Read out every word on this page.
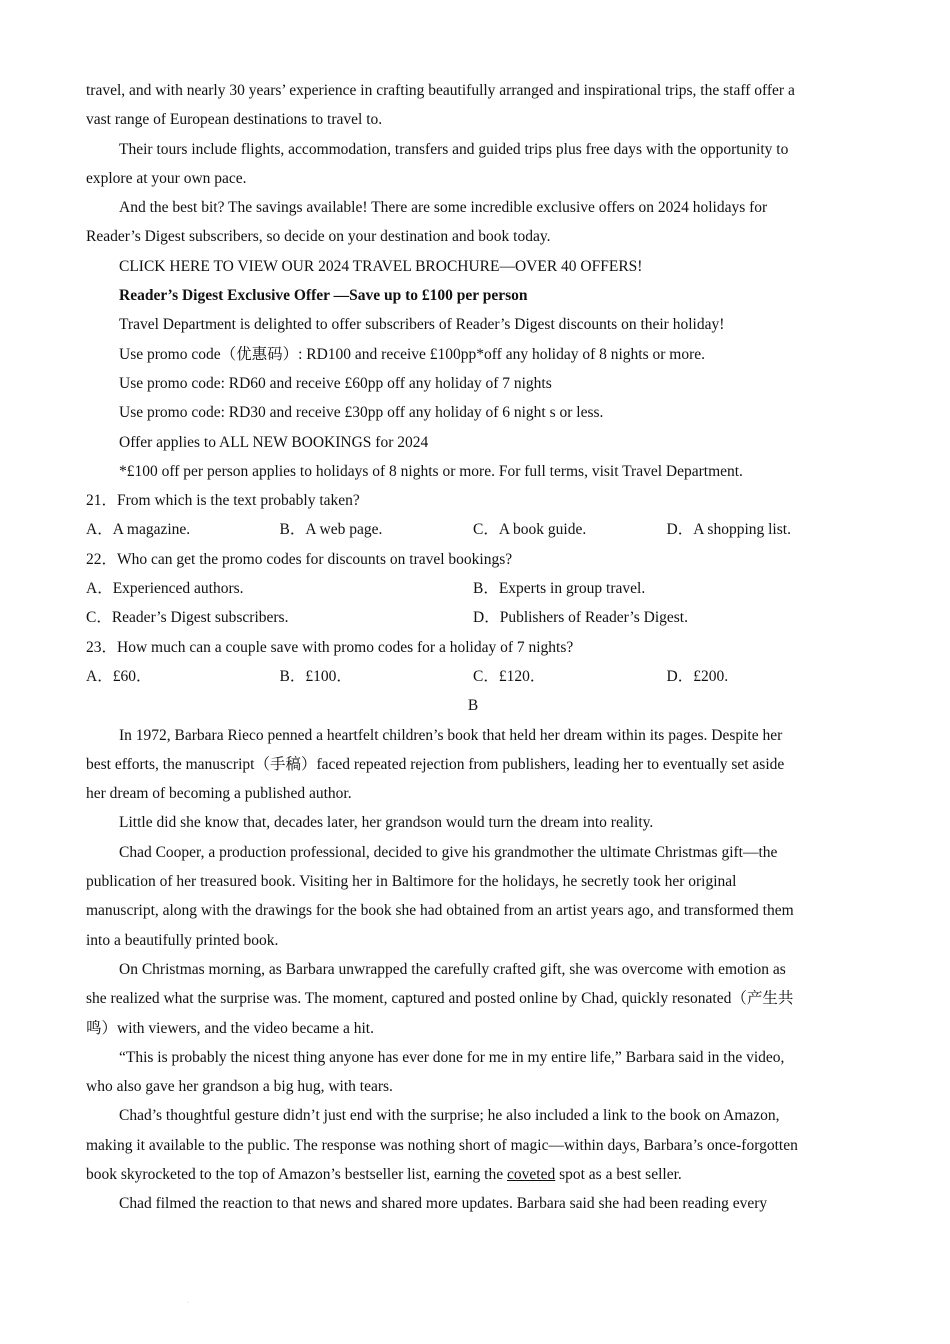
travel, and with nearly 30 years’ experience in crafting beautifully arranged and inspirational trips, the staff offer a
vast range of European destinations to travel to.
Their tours include flights, accommodation, transfers and guided trips plus free days with the opportunity to
explore at your own pace.
And the best bit? The savings available! There are some incredible exclusive offers on 2024 holidays for
Reader’s Digest subscribers, so decide on your destination and book today.
CLICK HERE TO VIEW OUR 2024 TRAVEL BROCHURE—OVER 40 OFFERS!
Reader’s Digest Exclusive Offer —Save up to £100 per person
Travel Department is delighted to offer subscribers of Reader’s Digest discounts on their holiday!
Use promo code（优惠码）: RD100 and receive £100pp*off any holiday of 8 nights or more.
Use promo code: RD60 and receive £60pp off any holiday of 7 nights
Use promo code: RD30 and receive £30pp off any holiday of 6 night s or less.
Offer applies to ALL NEW BOOKINGS for 2024
*£100 off per person applies to holidays of 8 nights or more. For full terms, visit Travel Department.
21．From which is the text probably taken?
A．A magazine.	B．A web page.	C．A book guide.	D．A shopping list.
22．Who can get the promo codes for discounts on travel bookings?
A．Experienced authors.	B．Experts in group travel.
C．Reader’s Digest subscribers.	D．Publishers of Reader’s Digest.
23．How much can a couple save with promo codes for a holiday of 7 nights?
A．£60．	B．£100．	C．£120．	D．£200.
B
In 1972, Barbara Rieco penned a heartfelt children’s book that held her dream within its pages. Despite her
best efforts, the manuscript（手稿）faced repeated rejection from publishers, leading her to eventually set aside
her dream of becoming a published author.
Little did she know that, decades later, her grandson would turn the dream into reality.
Chad Cooper, a production professional, decided to give his grandmother the ultimate Christmas gift—the
publication of her treasured book. Visiting her in Baltimore for the holidays, he secretly took her original
manuscript, along with the drawings for the book she had obtained from an artist years ago, and transformed them
into a beautifully printed book.
On Christmas morning, as Barbara unwrapped the carefully crafted gift, she was overcome with emotion as
she realized what the surprise was. The moment, captured and posted online by Chad, quickly resonated（产生共
鸣）with viewers, and the video became a hit.
“This is probably the nicest thing anyone has ever done for me in my entire life,” Barbara said in the video,
who also gave her grandson a big hug, with tears.
Chad’s thoughtful gesture didn’t just end with the surprise; he also included a link to the book on Amazon,
making it available to the public. The response was nothing short of magic—within days, Barbara’s once-forgotten
book skyrocketed to the top of Amazon’s bestseller list, earning the coveted spot as a best seller.
Chad filmed the reaction to that news and shared more updates. Barbara said she had been reading every
·
